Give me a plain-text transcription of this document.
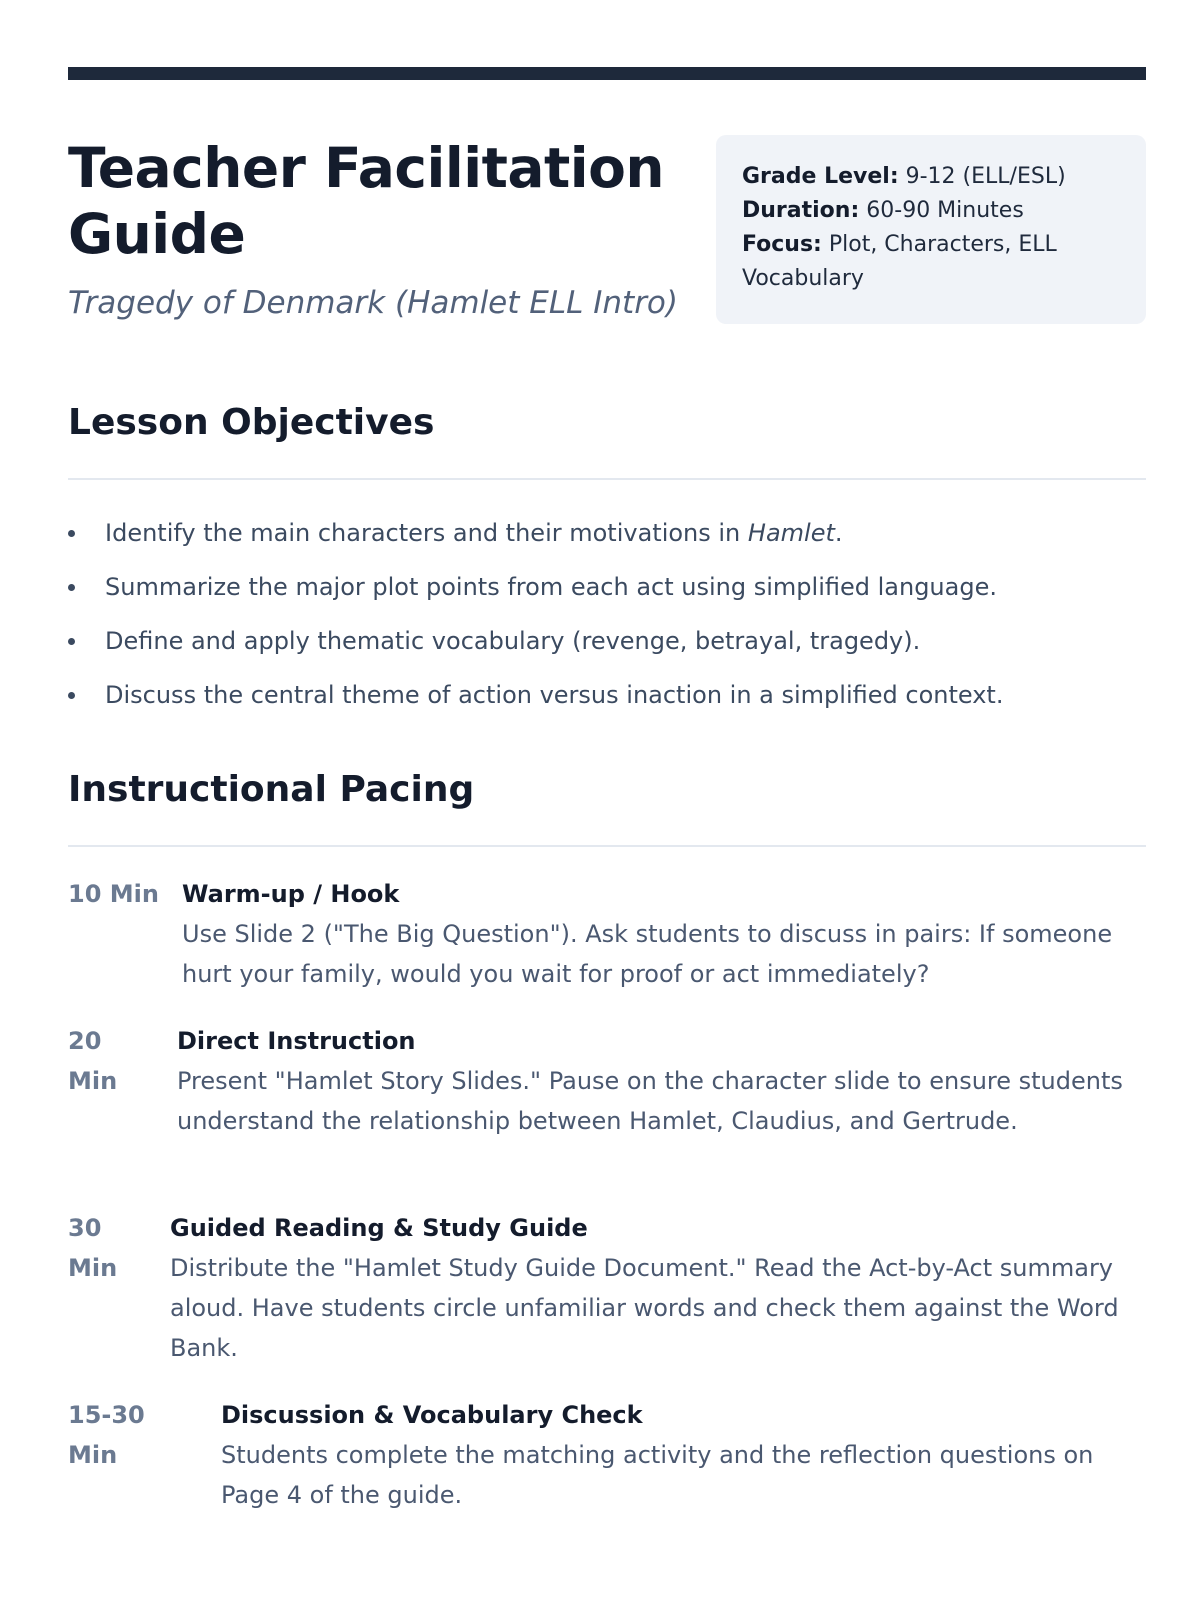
Teacher Facilitation Guide

Tragedy of Denmark (Hamlet ELL Intro)

Grade Level: 9-12 (ELL/ESL)
Duration: 60-90 Minutes
Focus: Plot, Characters, ELL Vocabulary
Lesson Objectives
Identify the main characters and their motivations in Hamlet.
Summarize the major plot points from each act using simplified language.
Define and apply thematic vocabulary (revenge, betrayal, tragedy).
Discuss the central theme of action versus inaction in a simplified context.
Instructional Pacing
10 Min Warm-up / Hook
Use Slide 2 ("The Big Question"). Ask students to discuss in pairs: If someone hurt your family, would you wait for proof or act immediately?
20 Min
Direct Instruction
Present "Hamlet Story Slides." Pause on the character slide to ensure students understand the relationship between Hamlet, Claudius, and Gertrude.
30 Min
Guided Reading & Study Guide
Distribute the "Hamlet Study Guide Document." Read the Act-by-Act summary aloud. Have students circle unfamiliar words and check them against the Word Bank.
15-30 Min
Discussion & Vocabulary Check
Students complete the matching activity and the reflection questions on Page 4 of the guide.
